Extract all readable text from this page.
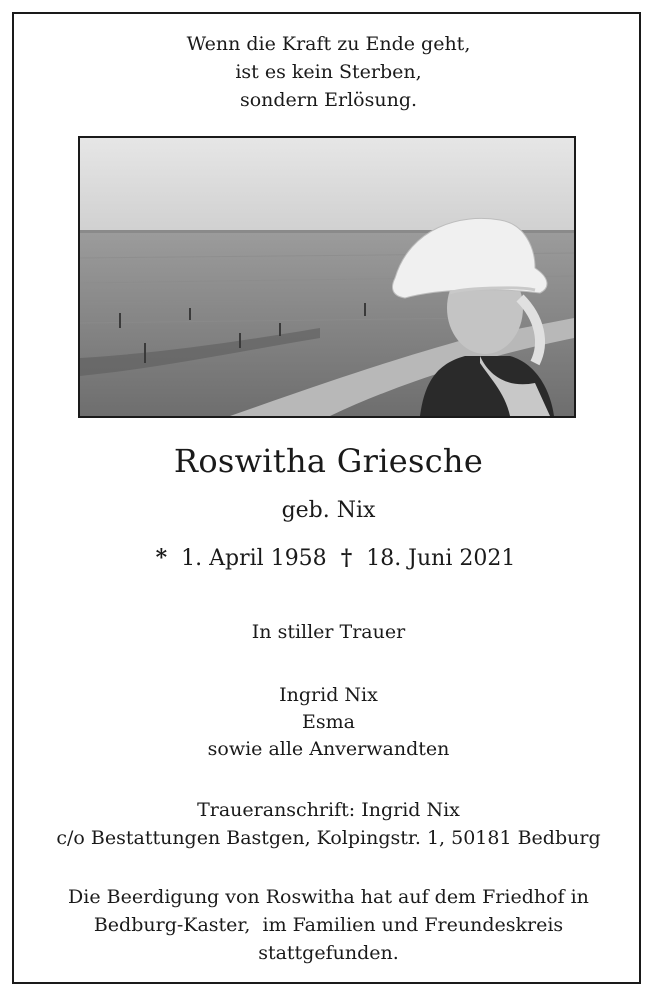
Wenn die Kraft zu Ende geht,
ist es kein Sterben,
sondern Erlösung.
Roswitha Griesche
geb. Nix
* 1. April 1958 † 18. Juni 2021
In stiller Trauer
Ingrid Nix
Esma
sowie alle Anverwandten
Traueranschrift: Ingrid Nix
c/o Bestattungen Bastgen, Kolpingstr. 1, 50181 Bedburg
Die Beerdigung von Roswitha hat auf dem Friedhof in
Bedburg-Kaster,  im Familien und Freundeskreis
stattgefunden.
